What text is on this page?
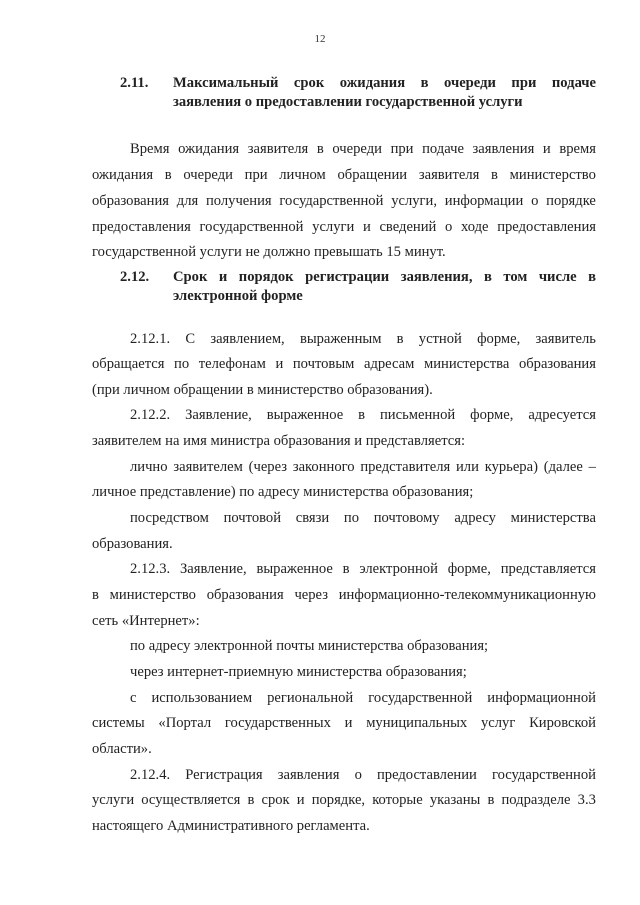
12
2.11. Максимальный срок ожидания в очереди при подаче заявления о предоставлении государственной услуги
Время ожидания заявителя в очереди при подаче заявления и время
ожидания в очереди при личном обращении заявителя в министерство
образования для получения государственной услуги, информации о порядке
предоставления государственной услуги и сведений о ходе предоставления
государственной услуги не должно превышать 15 минут.
2.12. Срок и порядок регистрации заявления, в том числе в электронной форме
2.12.1. С заявлением, выраженным в устной форме, заявитель
обращается по телефонам и почтовым адресам министерства образования
(при личном обращении в министерство образования).
2.12.2. Заявление, выраженное в письменной форме, адресуется
заявителем на имя министра образования и представляется:
лично заявителем (через законного представителя или курьера) (далее –
личное представление) по адресу министерства образования;
посредством почтовой связи по почтовому адресу министерства
образования.
2.12.3. Заявление, выраженное в электронной форме, представляется
в министерство образования через информационно-телекоммуникационную
сеть «Интернет»:
по адресу электронной почты министерства образования;
через интернет-приемную министерства образования;
с использованием региональной государственной информационной
системы «Портал государственных и муниципальных услуг Кировской
области».
2.12.4. Регистрация заявления о предоставлении государственной
услуги осуществляется в срок и порядке, которые указаны в подразделе 3.3
настоящего Административного регламента.
